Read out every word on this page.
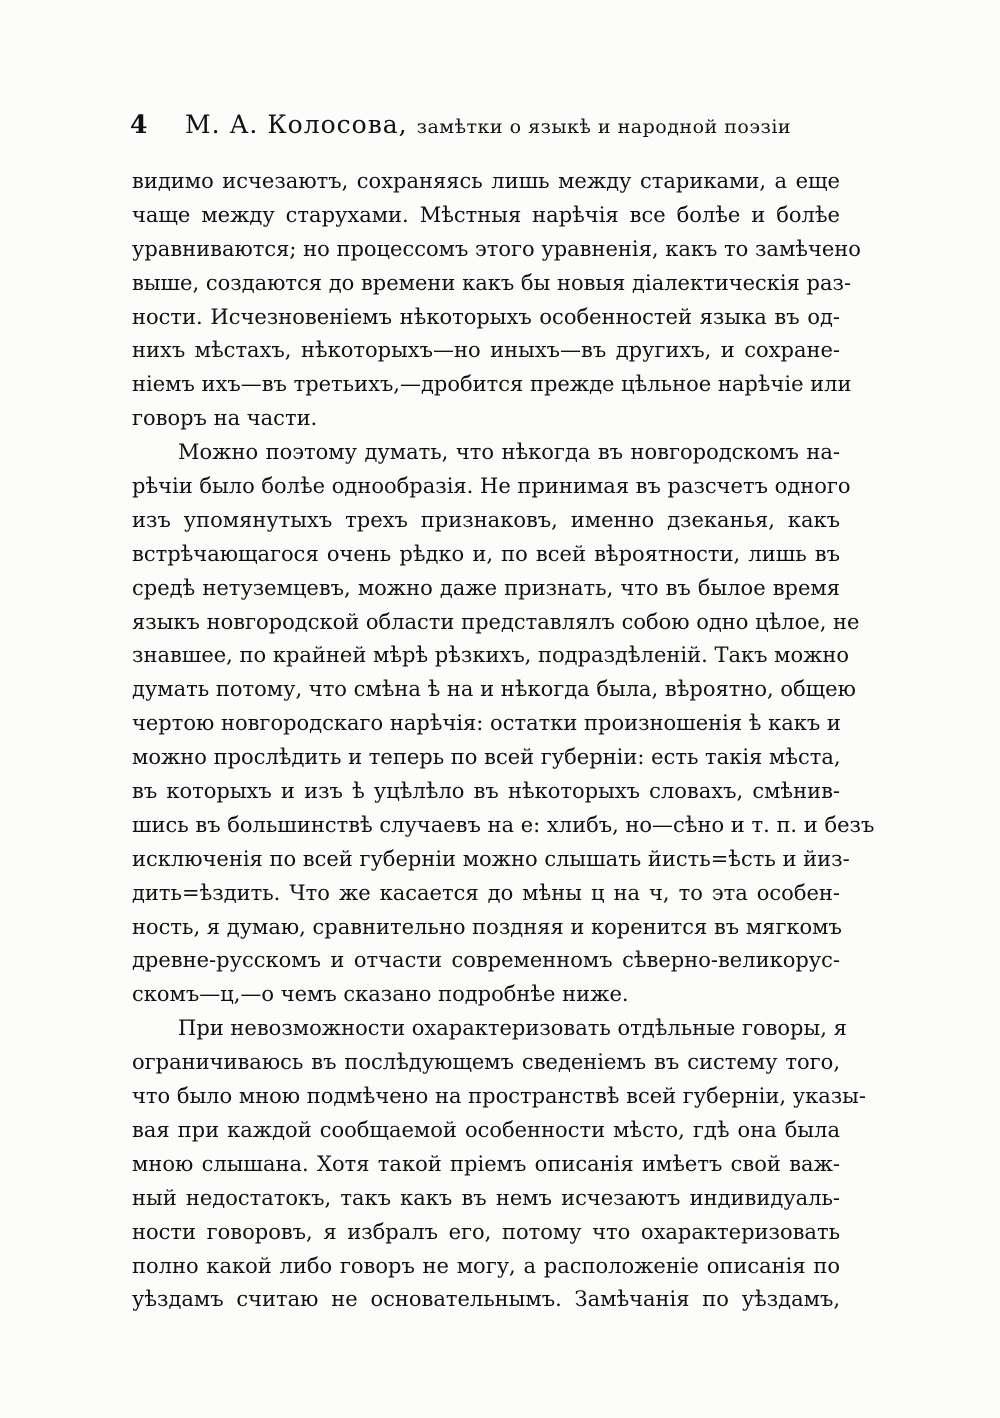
4 М. А. Колосова, замѣтки о языкѣ и народной поэзіи
видимо исчезаютъ, сохраняясь лишь между стариками, а еще
чаще между старухами. Мѣстныя нарѣчія все болѣе и болѣе
уравниваются; но процессомъ этого уравненія, какъ то замѣчено
выше, создаются до времени какъ бы новыя діалектическія раз-
ности. Исчезновеніемъ нѣкоторыхъ особенностей языка въ од-
нихъ мѣстахъ, нѣкоторыхъ—но иныхъ—въ другихъ, и сохране-
ніемъ ихъ—въ третьихъ,—дробится прежде цѣльное нарѣчіе или
говоръ на части.
Можно поэтому думать, что нѣкогда въ новгородскомъ на-
рѣчіи было болѣе однообразія. Не принимая въ разсчетъ одного
изъ упомянутыхъ трехъ признаковъ, именно дзеканья, какъ
встрѣчающагося очень рѣдко и, по всей вѣроятности, лишь въ
средѣ нетуземцевъ, можно даже признать, что въ былое время
языкъ новгородской области представлялъ собою одно цѣлое, не
знавшее, по крайней мѣрѣ рѣзкихъ, подраздѣленій. Такъ можно
думать потому, что смѣна ѣ на и нѣкогда была, вѣроятно, общею
чертою новгородскаго нарѣчія: остатки произношенія ѣ какъ и
можно прослѣдить и теперь по всей губерніи: есть такія мѣста,
въ которыхъ и изъ ѣ уцѣлѣло въ нѣкоторыхъ словахъ, смѣнив-
шись въ большинствѣ случаевъ на е: хлибъ, но—сѣно и т. п. и безъ
исключенія по всей губерніи можно слышать йисть=ѣсть и йиз-
дить=ѣздить. Что же касается до мѣны ц на ч, то эта особен-
ность, я думаю, сравнительно поздняя и коренится въ мягкомъ
древне-русскомъ и отчасти современномъ сѣверно-великорус-
скомъ—ц,—о чемъ сказано подробнѣе ниже.
При невозможности охарактеризовать отдѣльные говоры, я
ограничиваюсь въ послѣдующемъ сведеніемъ въ систему того,
что было мною подмѣчено на пространствѣ всей губерніи, указы-
вая при каждой сообщаемой особенности мѣсто, гдѣ она была
мною слышана. Хотя такой пріемъ описанія имѣетъ свой важ-
ный недостатокъ, такъ какъ въ немъ исчезаютъ индивидуаль-
ности говоровъ, я избралъ его, потому что охарактеризовать
полно какой либо говоръ не могу, а расположеніе описанія по
уѣздамъ считаю не основательнымъ. Замѣчанія по уѣздамъ,
